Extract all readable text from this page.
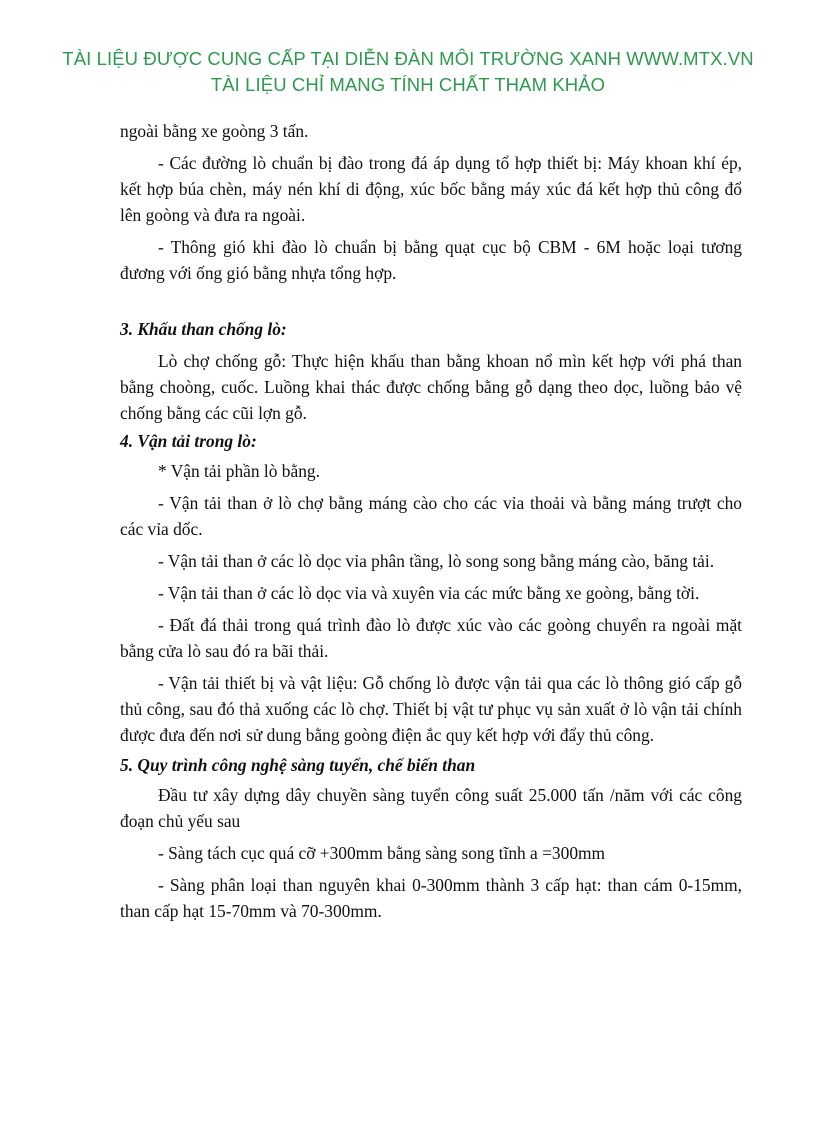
TÀI LIỆU ĐƯỢC CUNG CẤP TẠI DIỄN ĐÀN MÔI TRƯỜNG XANH WWW.MTX.VN
TÀI LIỆU CHỈ MANG TÍNH CHẤT THAM KHẢO

ngoài bằng xe goòng 3 tấn.

- Các đường lò chuẩn bị đào trong đá áp dụng tổ hợp thiết bị: Máy khoan khí ép, kết hợp búa chèn, máy nén khí di động, xúc bốc bằng máy xúc đá kết hợp thủ công đổ lên goòng và đưa ra ngoài.

- Thông gió khi đào lò chuẩn bị bằng quạt cục bộ CBM - 6M hoặc loại tương đương với ống gió bằng nhựa tổng hợp.

3. Khấu than chống lò:

Lò chợ chống gỗ: Thực hiện khấu than bằng khoan nổ mìn kết hợp với phá than bằng choòng, cuốc. Luồng khai thác được chống bằng gỗ dạng theo dọc, luồng bảo vệ chống bằng các cũi lợn gỗ.

4. Vận tải trong lò:

* Vận tải phần lò bằng.

- Vận tải than ở lò chợ bằng máng cào cho các vỉa thoải và bằng máng trượt cho các vỉa dốc.

- Vận tải than ở các lò dọc vỉa phân tầng, lò song song bằng máng cào, băng tải.

- Vận tải than ở các lò dọc vỉa và xuyên vỉa các mức bằng xe goòng, bằng tời.

- Đất đá thải trong quá trình đào lò được xúc vào các goòng chuyển ra ngoài mặt bằng cửa lò sau đó ra bãi thải.

- Vận tải thiết bị và vật liệu: Gỗ chống lò được vận tải qua các lò thông gió cấp gỗ thủ công, sau đó thả xuống các lò chợ. Thiết bị vật tư phục vụ sản xuất ở lò vận tải chính được đưa đến nơi sử dung bằng goòng điện ắc quy kết hợp với đẩy thủ công.

5. Quy trình công nghệ sàng tuyển, chế biến than

Đầu tư xây dựng dây chuyền sàng tuyển công suất 25.000 tấn /năm với các công đoạn chủ yếu sau

- Sàng tách cục quá cỡ +300mm bằng sàng song tĩnh a =300mm

- Sàng phân loại than nguyên khai 0-300mm thành 3 cấp hạt: than cám 0-15mm, than cấp hạt 15-70mm và 70-300mm.
